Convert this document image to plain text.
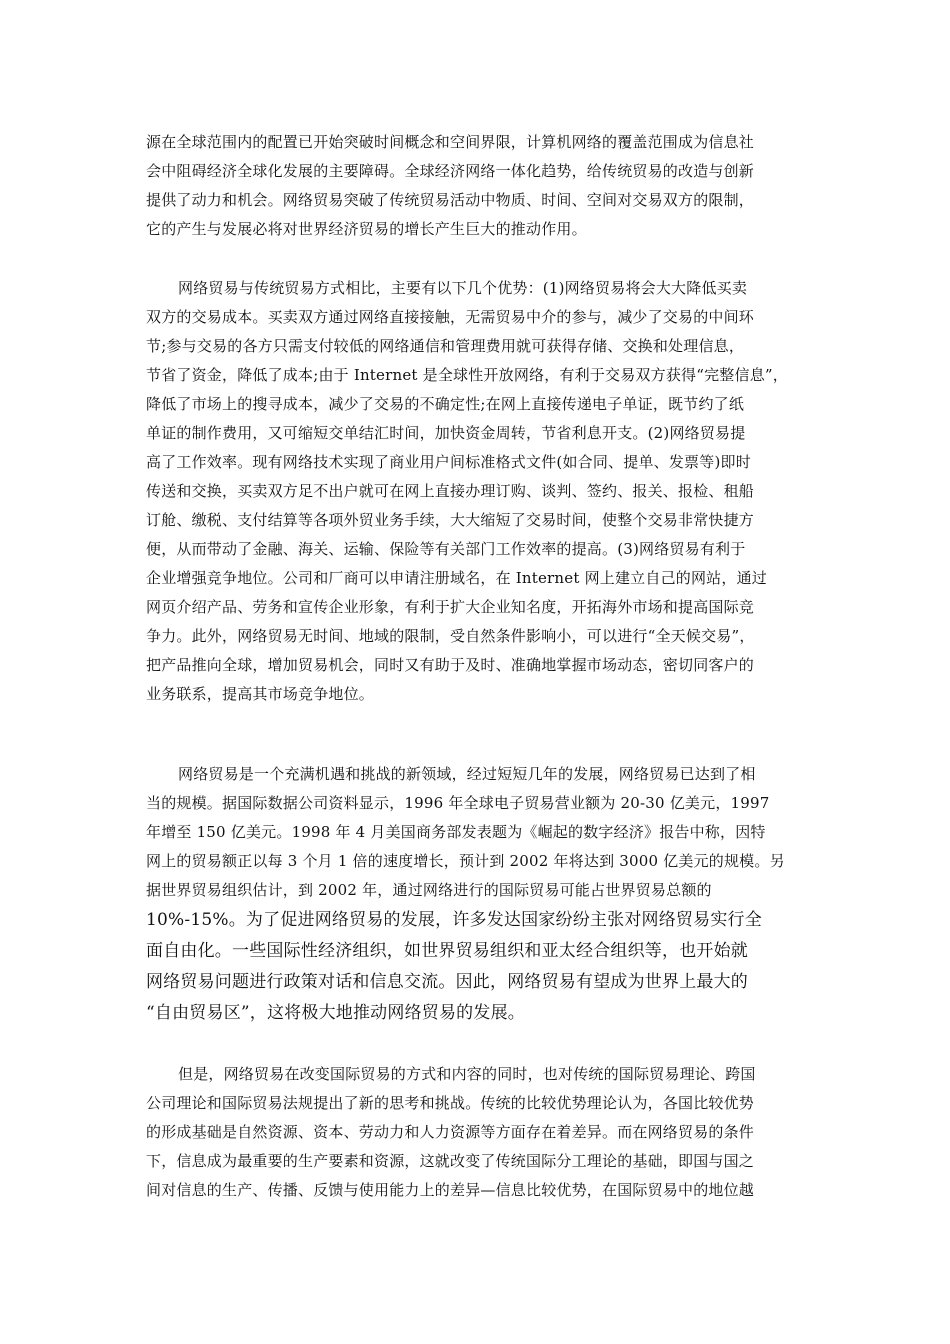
源在全球范围内的配置已开始突破时间概念和空间界限，计算机网络的覆盖范围成为信息社
会中阻碍经济全球化发展的主要障碍。全球经济网络一体化趋势，给传统贸易的改造与创新
提供了动力和机会。网络贸易突破了传统贸易活动中物质、时间、空间对交易双方的限制，
它的产生与发展必将对世界经济贸易的增长产生巨大的推动作用。
网络贸易与传统贸易方式相比，主要有以下几个优势：(1)网络贸易将会大大降低买卖
双方的交易成本。买卖双方通过网络直接接触，无需贸易中介的参与，减少了交易的中间环
节;参与交易的各方只需支付较低的网络通信和管理费用就可获得存储、交换和处理信息，
节省了资金，降低了成本;由于 Internet 是全球性开放网络，有利于交易双方获得“完整信息”，
降低了市场上的搜寻成本，减少了交易的不确定性;在网上直接传递电子单证，既节约了纸
单证的制作费用，又可缩短交单结汇时间，加快资金周转，节省利息开支。(2)网络贸易提
高了工作效率。现有网络技术实现了商业用户间标准格式文件(如合同、提单、发票等)即时
传送和交换，买卖双方足不出户就可在网上直接办理订购、谈判、签约、报关、报检、租船
订舱、缴税、支付结算等各项外贸业务手续，大大缩短了交易时间，使整个交易非常快捷方
便，从而带动了金融、海关、运输、保险等有关部门工作效率的提高。(3)网络贸易有利于
企业增强竞争地位。公司和厂商可以申请注册域名，在 Internet 网上建立自己的网站，通过
网页介绍产品、劳务和宣传企业形象，有利于扩大企业知名度，开拓海外市场和提高国际竞
争力。此外，网络贸易无时间、地域的限制，受自然条件影响小，可以进行“全天候交易”，
把产品推向全球，增加贸易机会，同时又有助于及时、准确地掌握市场动态，密切同客户的
业务联系，提高其市场竞争地位。
网络贸易是一个充满机遇和挑战的新领域，经过短短几年的发展，网络贸易已达到了相
当的规模。据国际数据公司资料显示，1996 年全球电子贸易营业额为 20-30 亿美元，1997
年增至 150 亿美元。1998 年 4 月美国商务部发表题为《崛起的数字经济》报告中称，因特
网上的贸易额正以每 3 个月 1 倍的速度增长，预计到 2002 年将达到 3000 亿美元的规模。另
据世界贸易组织估计，到 2002 年，通过网络进行的国际贸易可能占世界贸易总额的
10%-15%。为了促进网络贸易的发展，许多发达国家纷纷主张对网络贸易实行全
面自由化。一些国际性经济组织，如世界贸易组织和亚太经合组织等，也开始就
网络贸易问题进行政策对话和信息交流。因此，网络贸易有望成为世界上最大的
“自由贸易区”，这将极大地推动网络贸易的发展。
但是，网络贸易在改变国际贸易的方式和内容的同时，也对传统的国际贸易理论、跨国
公司理论和国际贸易法规提出了新的思考和挑战。传统的比较优势理论认为，各国比较优势
的形成基础是自然资源、资本、劳动力和人力资源等方面存在着差异。而在网络贸易的条件
下，信息成为最重要的生产要素和资源，这就改变了传统国际分工理论的基础，即国与国之
间对信息的生产、传播、反馈与使用能力上的差异—信息比较优势，在国际贸易中的地位越
